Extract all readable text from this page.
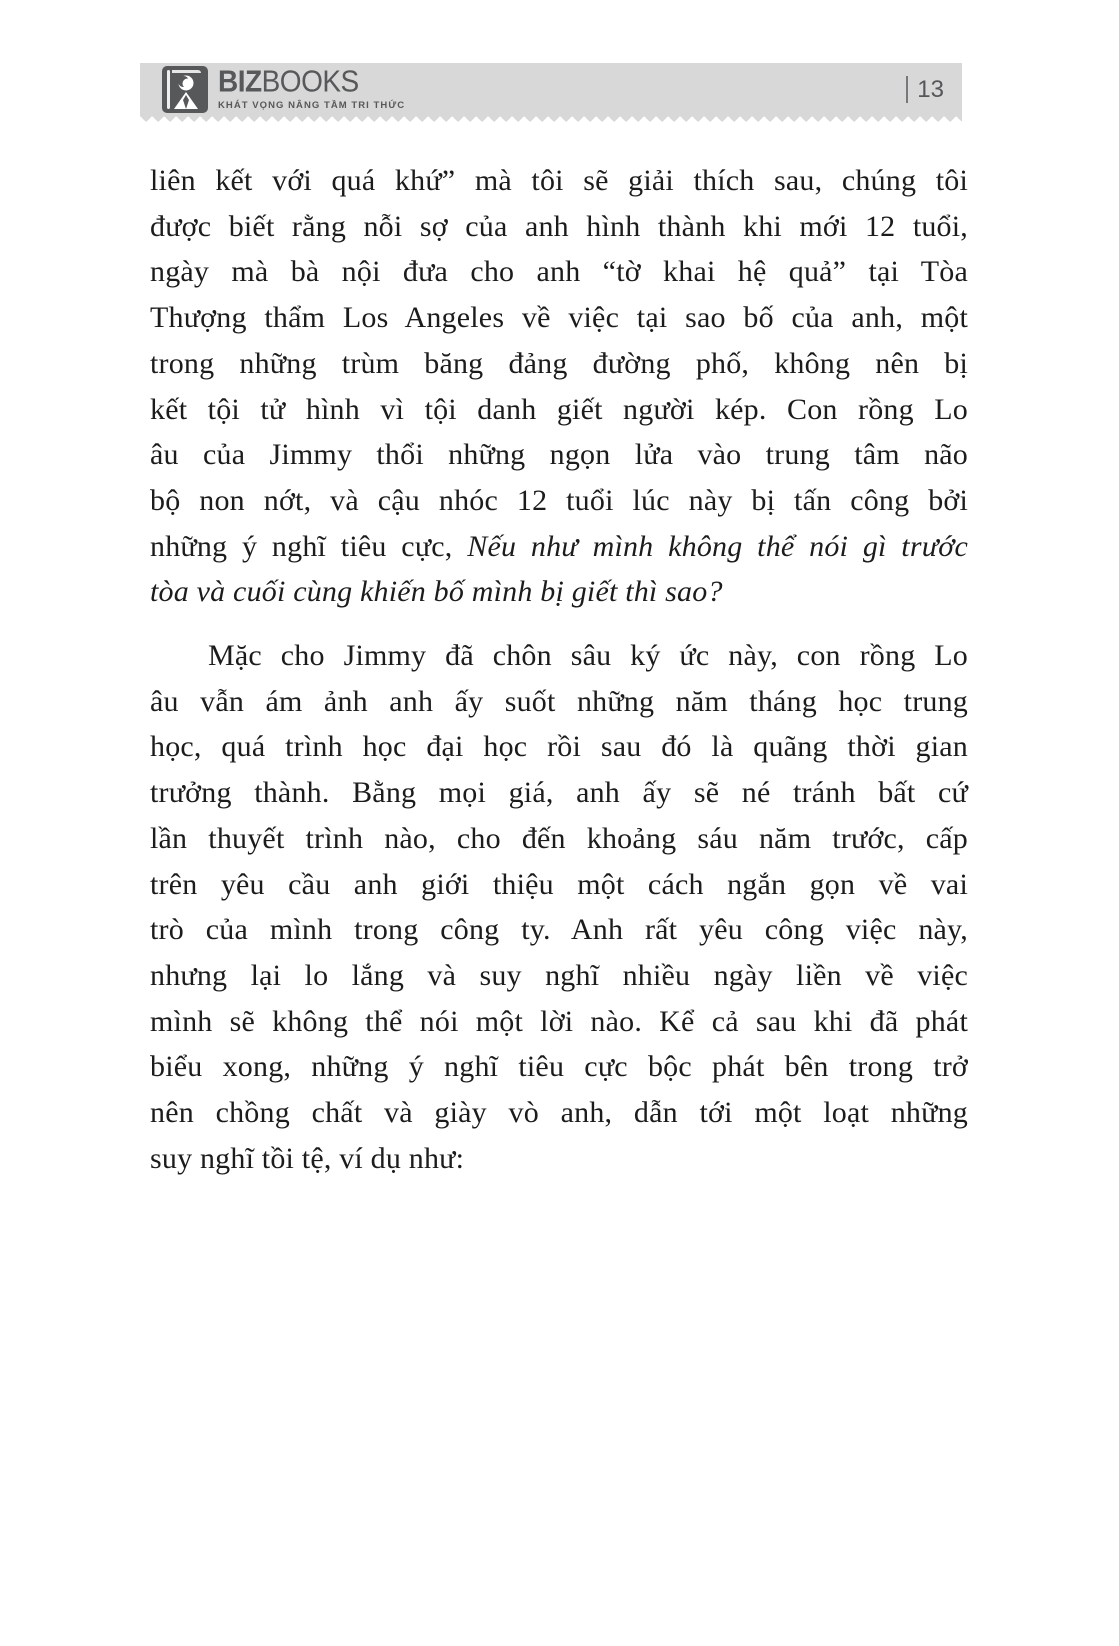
BIZBOOKS
KHÁT VỌNG NÂNG TẦM TRI THỨC
13
liên kết với quá khứ” mà tôi sẽ giải thích sau, chúng tôi
được biết rằng nỗi sợ của anh hình thành khi mới 12 tuổi,
ngày mà bà nội đưa cho anh “tờ khai hệ quả” tại Tòa
Thượng thẩm Los Angeles về việc tại sao bố của anh, một
trong những trùm băng đảng đường phố, không nên bị
kết tội tử hình vì tội danh giết người kép. Con rồng Lo
âu của Jimmy thổi những ngọn lửa vào trung tâm não
bộ non nớt, và cậu nhóc 12 tuổi lúc này bị tấn công bởi
những ý nghĩ tiêu cực, Nếu như mình không thể nói gì trước
tòa và cuối cùng khiến bố mình bị giết thì sao?
Mặc cho Jimmy đã chôn sâu ký ức này, con rồng Lo
âu vẫn ám ảnh anh ấy suốt những năm tháng học trung
học, quá trình học đại học rồi sau đó là quãng thời gian
trưởng thành. Bằng mọi giá, anh ấy sẽ né tránh bất cứ
lần thuyết trình nào, cho đến khoảng sáu năm trước, cấp
trên yêu cầu anh giới thiệu một cách ngắn gọn về vai
trò của mình trong công ty. Anh rất yêu công việc này,
nhưng lại lo lắng và suy nghĩ nhiều ngày liền về việc
mình sẽ không thể nói một lời nào. Kể cả sau khi đã phát
biểu xong, những ý nghĩ tiêu cực bộc phát bên trong trở
nên chồng chất và giày vò anh, dẫn tới một loạt những
suy nghĩ tồi tệ, ví dụ như:
